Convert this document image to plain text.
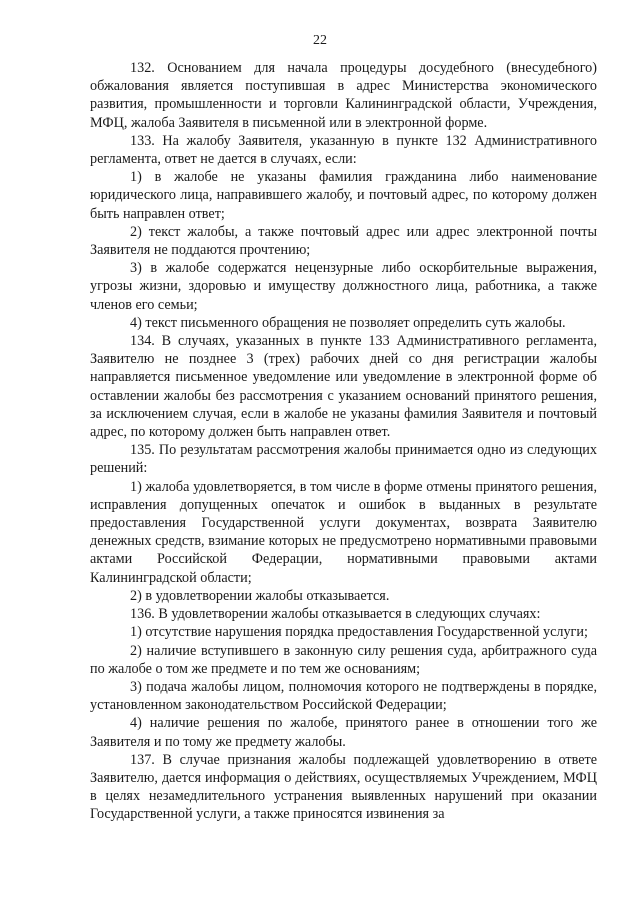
22

132. Основанием для начала процедуры досудебного (внесудебного) обжалования является поступившая в адрес Министерства экономического развития, промышленности и торговли Калининградской области, Учреждения, МФЦ, жалоба Заявителя в письменной или в электронной форме.

133. На жалобу Заявителя, указанную в пункте 132 Административного регламента, ответ не дается в случаях, если:

1) в жалобе не указаны фамилия гражданина либо наименование юридического лица, направившего жалобу, и почтовый адрес, по которому должен быть направлен ответ;

2) текст жалобы, а также почтовый адрес или адрес электронной почты Заявителя не поддаются прочтению;

3) в жалобе содержатся нецензурные либо оскорбительные выражения, угрозы жизни, здоровью и имуществу должностного лица, работника, а также членов его семьи;

4) текст письменного обращения не позволяет определить суть жалобы.

134. В случаях, указанных в пункте 133 Административного регламента, Заявителю не позднее 3 (трех) рабочих дней со дня регистрации жалобы направляется письменное уведомление или уведомление в электронной форме об оставлении жалобы без рассмотрения с указанием оснований принятого решения, за исключением случая, если в жалобе не указаны фамилия Заявителя и почтовый адрес, по которому должен быть направлен ответ.

135. По результатам рассмотрения жалобы принимается одно из следующих решений:

1) жалоба удовлетворяется, в том числе в форме отмены принятого решения, исправления допущенных опечаток и ошибок в выданных в результате предоставления Государственной услуги документах, возврата Заявителю денежных средств, взимание которых не предусмотрено нормативными правовыми актами Российской Федерации, нормативными правовыми актами Калининградской области;

2) в удовлетворении жалобы отказывается.

136. В удовлетворении жалобы отказывается в следующих случаях:

1) отсутствие нарушения порядка предоставления Государственной услуги;

2) наличие вступившего в законную силу решения суда, арбитражного суда по жалобе о том же предмете и по тем же основаниям;

3) подача жалобы лицом, полномочия которого не подтверждены в порядке, установленном законодательством Российской Федерации;

4) наличие решения по жалобе, принятого ранее в отношении того же Заявителя и по тому же предмету жалобы.

137. В случае признания жалобы подлежащей удовлетворению в ответе Заявителю, дается информация о действиях, осуществляемых Учреждением, МФЦ в целях незамедлительного устранения выявленных нарушений при оказании Государственной услуги, а также приносятся извинения за
